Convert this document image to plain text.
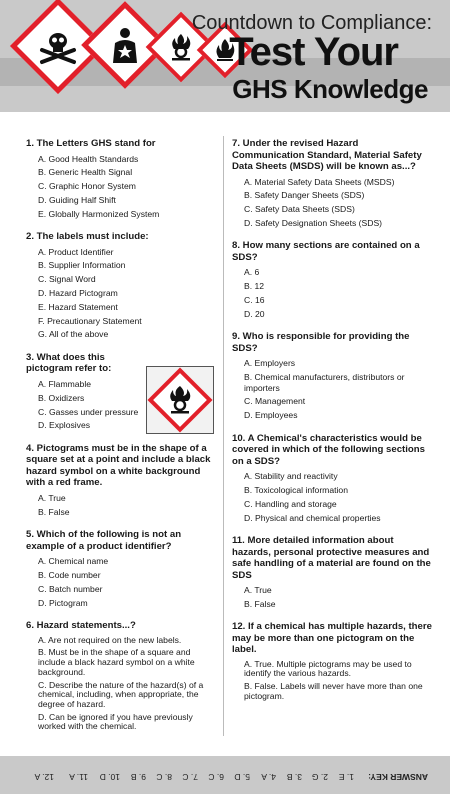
Countdown to Compliance:
Test Your
GHS Knowledge
1. The Letters GHS stand for
A. Good Health Standards
B. Generic Health Signal
C. Graphic Honor System
D. Guiding Half Shift
E. Globally Harmonized System
2. The labels must include:
A. Product Identifier
B. Supplier Information
C. Signal Word
D. Hazard Pictogram
E. Hazard Statement
F. Precautionary Statement
G. All of the above
3. What does this pictogram refer to:
A. Flammable
B. Oxidizers
C. Gasses under pressure
D. Explosives
4. Pictograms must be in the shape of a square set at a point and include a black hazard symbol on a white background with a red frame.
A. True
B. False
5. Which of the following is not an example of a product identifier?
A. Chemical name
B. Code number
C. Batch number
D. Pictogram
6. Hazard statements...?
A. Are not required on the new labels.
B. Must be in the shape of a square and include a black hazard symbol on a white background.
C. Describe the nature of the hazard(s) of a chemical, including, when appropriate, the degree of hazard.
D. Can be ignored if you have previously worked with the chemical.
7. Under the revised Hazard Communication Standard, Material Safety Data Sheets (MSDS) will be known as...?
A. Material Safety Data Sheets (MSDS)
B. Safety Danger Sheets (SDS)
C. Safety Data Sheets (SDS)
D. Safety Designation Sheets (SDS)
8. How many sections are contained on a SDS?
A. 6
B. 12
C. 16
D. 20
9. Who is responsible for providing the SDS?
A. Employers
B. Chemical manufacturers, distributors or importers
C. Management
D. Employees
10. A Chemical's characteristics would be covered in which of the following sections on a SDS?
A. Stability and reactivity
B. Toxicological information
C. Handling and storage
D. Physical and chemical properties
11. More detailed information about hazards, personal protective measures and safe handling of a material are found on the SDS
A. True
B. False
12. If a chemical has multiple hazards, there may be more than one pictogram on the label.
A. True. Multiple pictograms may be used to identify the various hazards.
B. False. Labels will never have more than one pictogram.
ANSWER KEY:
1. E
2. G
3. B
4. A
5. D
6. C
7. C
8. C
9. B
10. D
11. A
12. A
